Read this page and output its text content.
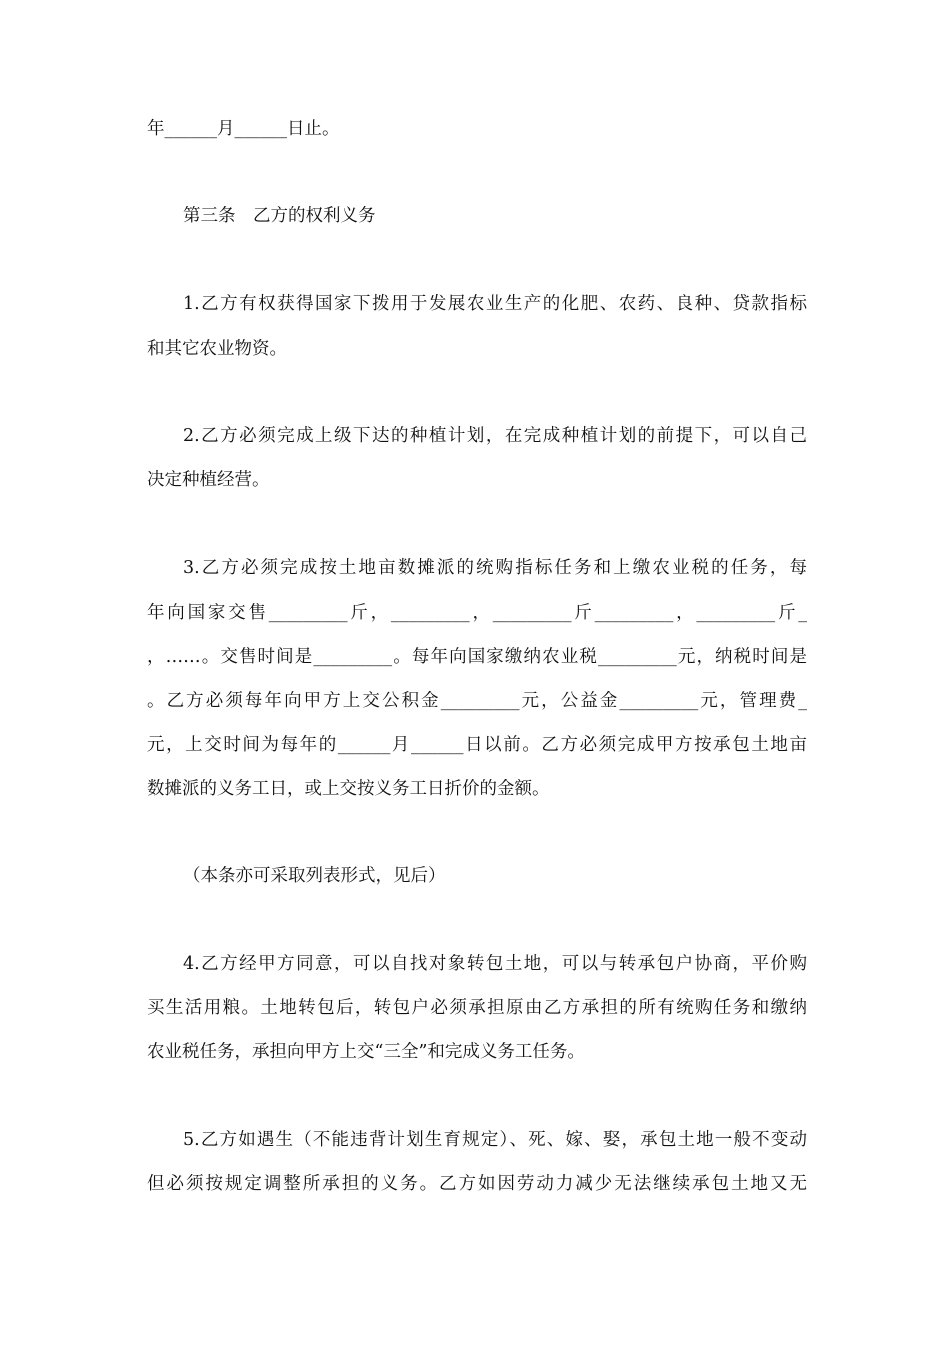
年______月______日止。

第三条　乙方的权利义务

1.乙方有权获得国家下拨用于发展农业生产的化肥、农药、良种、贷款指标

和其它农业物资。

2.乙方必须完成上级下达的种植计划，在完成种植计划的前提下，可以自己

决定种植经营。

3.乙方必须完成按土地亩数摊派的统购指标任务和上缴农业税的任务，每

年向国家交售_________斤，_________，_________斤_________，_________斤_

，……。交售时间是_________。每年向国家缴纳农业税_________元，纳税时间是

。乙方必须每年向甲方上交公积金_________元，公益金_________元，管理费_

元，上交时间为每年的______月______日以前。乙方必须完成甲方按承包土地亩

数摊派的义务工日，或上交按义务工日折价的金额。

（本条亦可采取列表形式，见后）

4.乙方经甲方同意，可以自找对象转包土地，可以与转承包户协商，平价购

买生活用粮。土地转包后，转包户必须承担原由乙方承担的所有统购任务和缴纳

农业税任务，承担向甲方上交“三全”和完成义务工任务。

5.乙方如遇生（不能违背计划生育规定）、死、嫁、娶，承包土地一般不变动

但必须按规定调整所承担的义务。乙方如因劳动力减少无法继续承包土地又无
